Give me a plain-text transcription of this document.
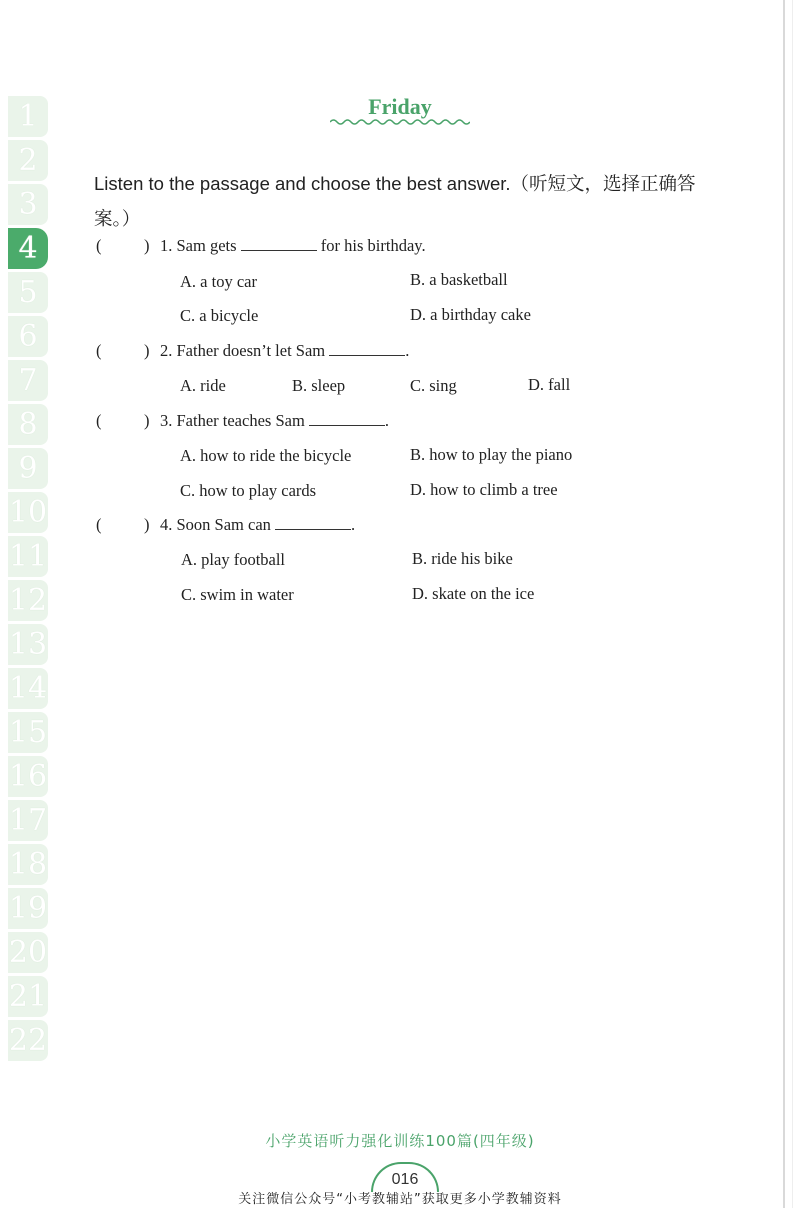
1
2
3
4
5
6
7
8
9
10
11
12
13
14
15
16
17
18
19
20
21
22
Friday
Listen to the passage and choose the best answer.（听短文，选择正确答案。）
(	) 1. Sam gets	for his birthday.
A. a toy car	B. a basketball
C. a bicycle	D. a birthday cake
(	) 2. Father doesn’t let Sam	.
A. ride	B. sleep	C. sing	D. fall
(	) 3. Father teaches Sam	.
A. how to ride the bicycle	B. how to play the piano
C. how to play cards	D. how to climb a tree
(	) 4. Soon Sam can	.
A. play football	B. ride his bike
C. swim in water	D. skate on the ice
小学英语听力强化训练100篇(四年级)
016
关注微信公众号“小考教辅站”获取更多小学教辅资料
